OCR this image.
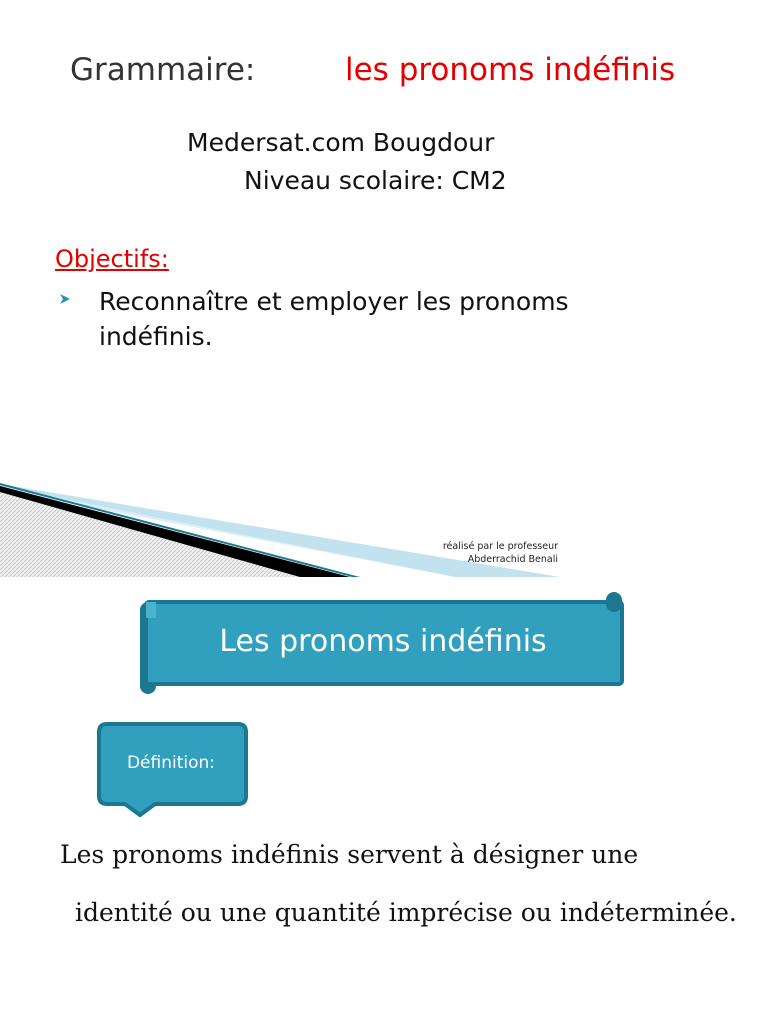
Grammaire:	les pronoms indéfinis
Medersat.com Bougdour
Niveau scolaire: CM2
Objectifs:
Reconnaître et employer les pronoms indéfinis.
réalisé par le professeur
Abderrachid Benali
Les pronoms indéfinis
Définition:
Les pronoms indéfinis servent à désigner une
identité ou une quantité imprécise ou indéterminée.
